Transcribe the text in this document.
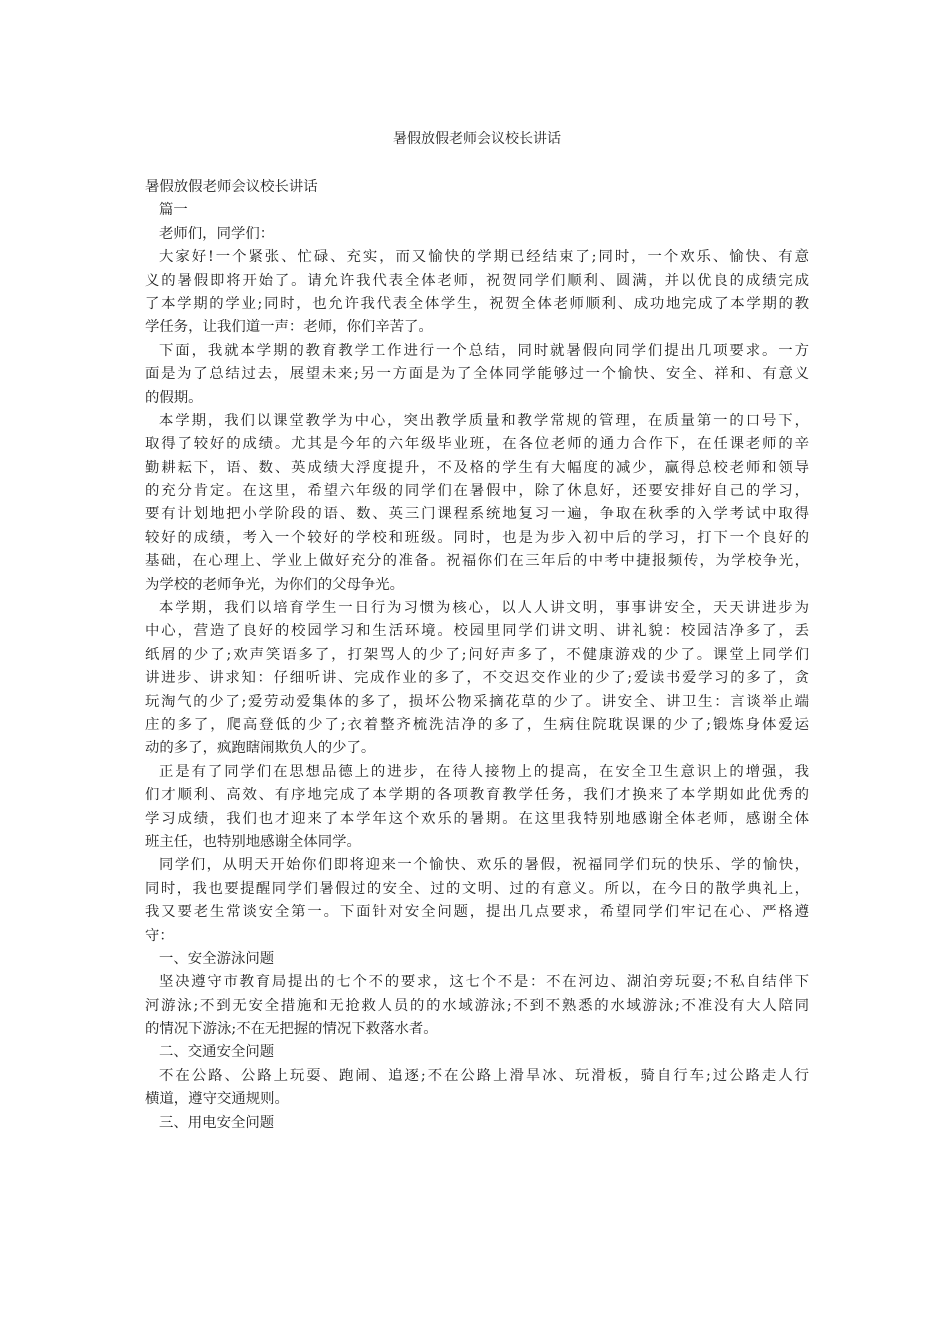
暑假放假老师会议校长讲话
暑假放假老师会议校长讲话
篇一
老师们，同学们：
大家好!一个紧张、忙碌、充实，而又愉快的学期已经结束了;同时，一个欢乐、愉快、有意
义的暑假即将开始了。请允许我代表全体老师，祝贺同学们顺利、圆满，并以优良的成绩完成
了本学期的学业;同时，也允许我代表全体学生，祝贺全体老师顺利、成功地完成了本学期的教
学任务，让我们道一声：老师，你们辛苦了。
下面，我就本学期的教育教学工作进行一个总结，同时就暑假向同学们提出几项要求。一方
面是为了总结过去，展望未来;另一方面是为了全体同学能够过一个愉快、安全、祥和、有意义
的假期。
本学期，我们以课堂教学为中心，突出教学质量和教学常规的管理，在质量第一的口号下，
取得了较好的成绩。尤其是今年的六年级毕业班，在各位老师的通力合作下，在任课老师的辛
勤耕耘下，语、数、英成绩大浮度提升，不及格的学生有大幅度的减少，赢得总校老师和领导
的充分肯定。在这里，希望六年级的同学们在暑假中，除了休息好，还要安排好自己的学习，
要有计划地把小学阶段的语、数、英三门课程系统地复习一遍，争取在秋季的入学考试中取得
较好的成绩，考入一个较好的学校和班级。同时，也是为步入初中后的学习，打下一个良好的
基础，在心理上、学业上做好充分的准备。祝福你们在三年后的中考中捷报频传，为学校争光，
为学校的老师争光，为你们的父母争光。
本学期，我们以培育学生一日行为习惯为核心，以人人讲文明，事事讲安全，天天讲进步为
中心，营造了良好的校园学习和生活环境。校园里同学们讲文明、讲礼貌：校园洁净多了，丢
纸屑的少了;欢声笑语多了，打架骂人的少了;问好声多了，不健康游戏的少了。课堂上同学们
讲进步、讲求知：仔细听讲、完成作业的多了，不交迟交作业的少了;爱读书爱学习的多了，贪
玩淘气的少了;爱劳动爱集体的多了，损坏公物采摘花草的少了。讲安全、讲卫生：言谈举止端
庄的多了，爬高登低的少了;衣着整齐梳洗洁净的多了，生病住院耽误课的少了;锻炼身体爱运
动的多了，疯跑瞎闹欺负人的少了。
正是有了同学们在思想品德上的进步，在待人接物上的提高，在安全卫生意识上的增强，我
们才顺利、高效、有序地完成了本学期的各项教育教学任务，我们才换来了本学期如此优秀的
学习成绩，我们也才迎来了本学年这个欢乐的暑期。在这里我特别地感谢全体老师，感谢全体
班主任，也特别地感谢全体同学。
同学们，从明天开始你们即将迎来一个愉快、欢乐的暑假，祝福同学们玩的快乐、学的愉快，
同时，我也要提醒同学们暑假过的安全、过的文明、过的有意义。所以，在今日的散学典礼上，
我又要老生常谈安全第一。下面针对安全问题，提出几点要求，希望同学们牢记在心、严格遵
守：
一、安全游泳问题
坚决遵守市教育局提出的七个不的要求，这七个不是：不在河边、湖泊旁玩耍;不私自结伴下
河游泳;不到无安全措施和无抢救人员的的水域游泳;不到不熟悉的水域游泳;不准没有大人陪同
的情况下游泳;不在无把握的情况下救落水者。
二、交通安全问题
不在公路、公路上玩耍、跑闹、追逐;不在公路上滑旱冰、玩滑板，骑自行车;过公路走人行
横道，遵守交通规则。
三、用电安全问题
